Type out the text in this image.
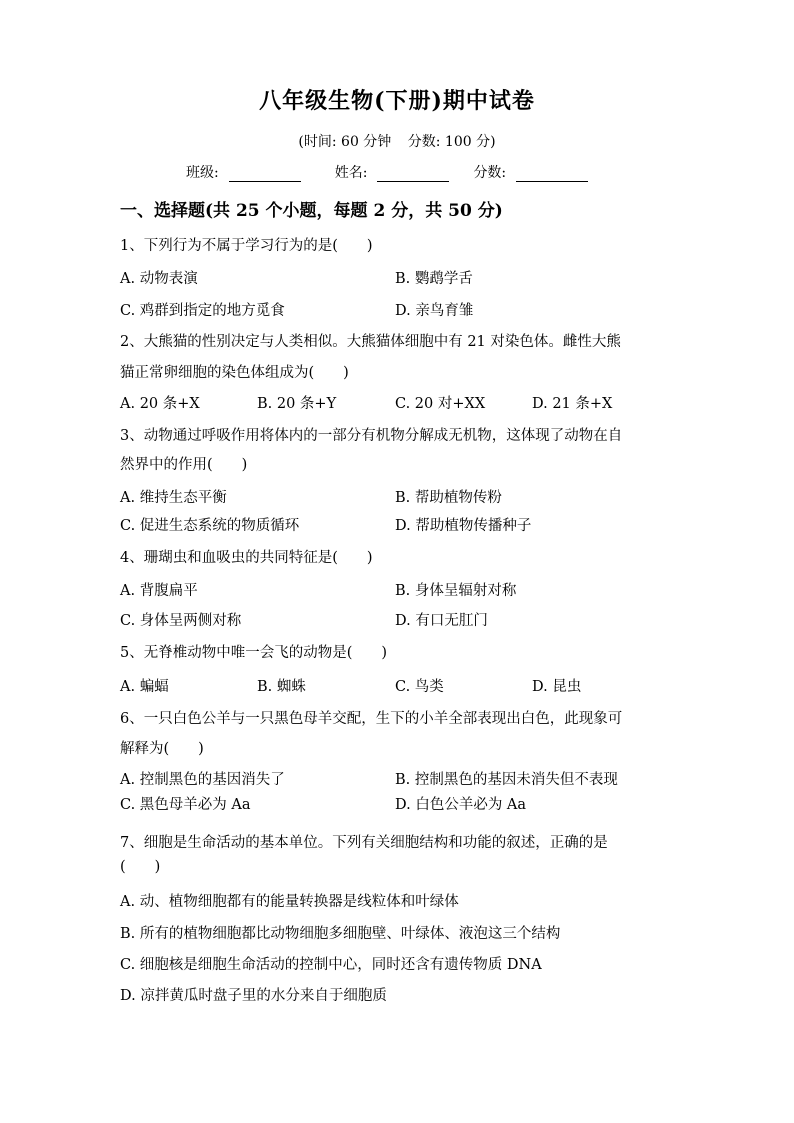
八年级生物(下册)期中试卷
(时间: 60 分钟 分数: 100 分)
班级:	姓名:	分数:
一、选择题(共 25 个小题，每题 2 分，共 50 分)
1、下列行为不属于学习行为的是(　　)
A. 动物表演	B. 鹦鹉学舌
C. 鸡群到指定的地方觅食	D. 亲鸟育雏
2、大熊猫的性别决定与人类相似。大熊猫体细胞中有 21 对染色体。雌性大熊
猫正常卵细胞的染色体组成为(　　)
A. 20 条+X	B. 20 条+Y	C. 20 对+XX	D. 21 条+X
3、动物通过呼吸作用将体内的一部分有机物分解成无机物，这体现了动物在自
然界中的作用(　　)
A. 维持生态平衡	B. 帮助植物传粉
C. 促进生态系统的物质循环	D. 帮助植物传播种子
4、珊瑚虫和血吸虫的共同特征是(　　)
A. 背腹扁平	B. 身体呈辐射对称
C. 身体呈两侧对称	D. 有口无肛门
5、无脊椎动物中唯一会飞的动物是(　　)
A. 蝙蝠	B. 蜘蛛	C. 鸟类	D. 昆虫
6、一只白色公羊与一只黑色母羊交配，生下的小羊全部表现出白色，此现象可
解释为(　　)
A. 控制黑色的基因消失了	B. 控制黑色的基因未消失但不表现
C. 黑色母羊必为 Aa	D. 白色公羊必为 Aa
7、细胞是生命活动的基本单位。下列有关细胞结构和功能的叙述，正确的是
(　　)
A. 动、植物细胞都有的能量转换器是线粒体和叶绿体
B. 所有的植物细胞都比动物细胞多细胞壁、叶绿体、液泡这三个结构
C. 细胞核是细胞生命活动的控制中心，同时还含有遗传物质 DNA
D. 凉拌黄瓜时盘子里的水分来自于细胞质
